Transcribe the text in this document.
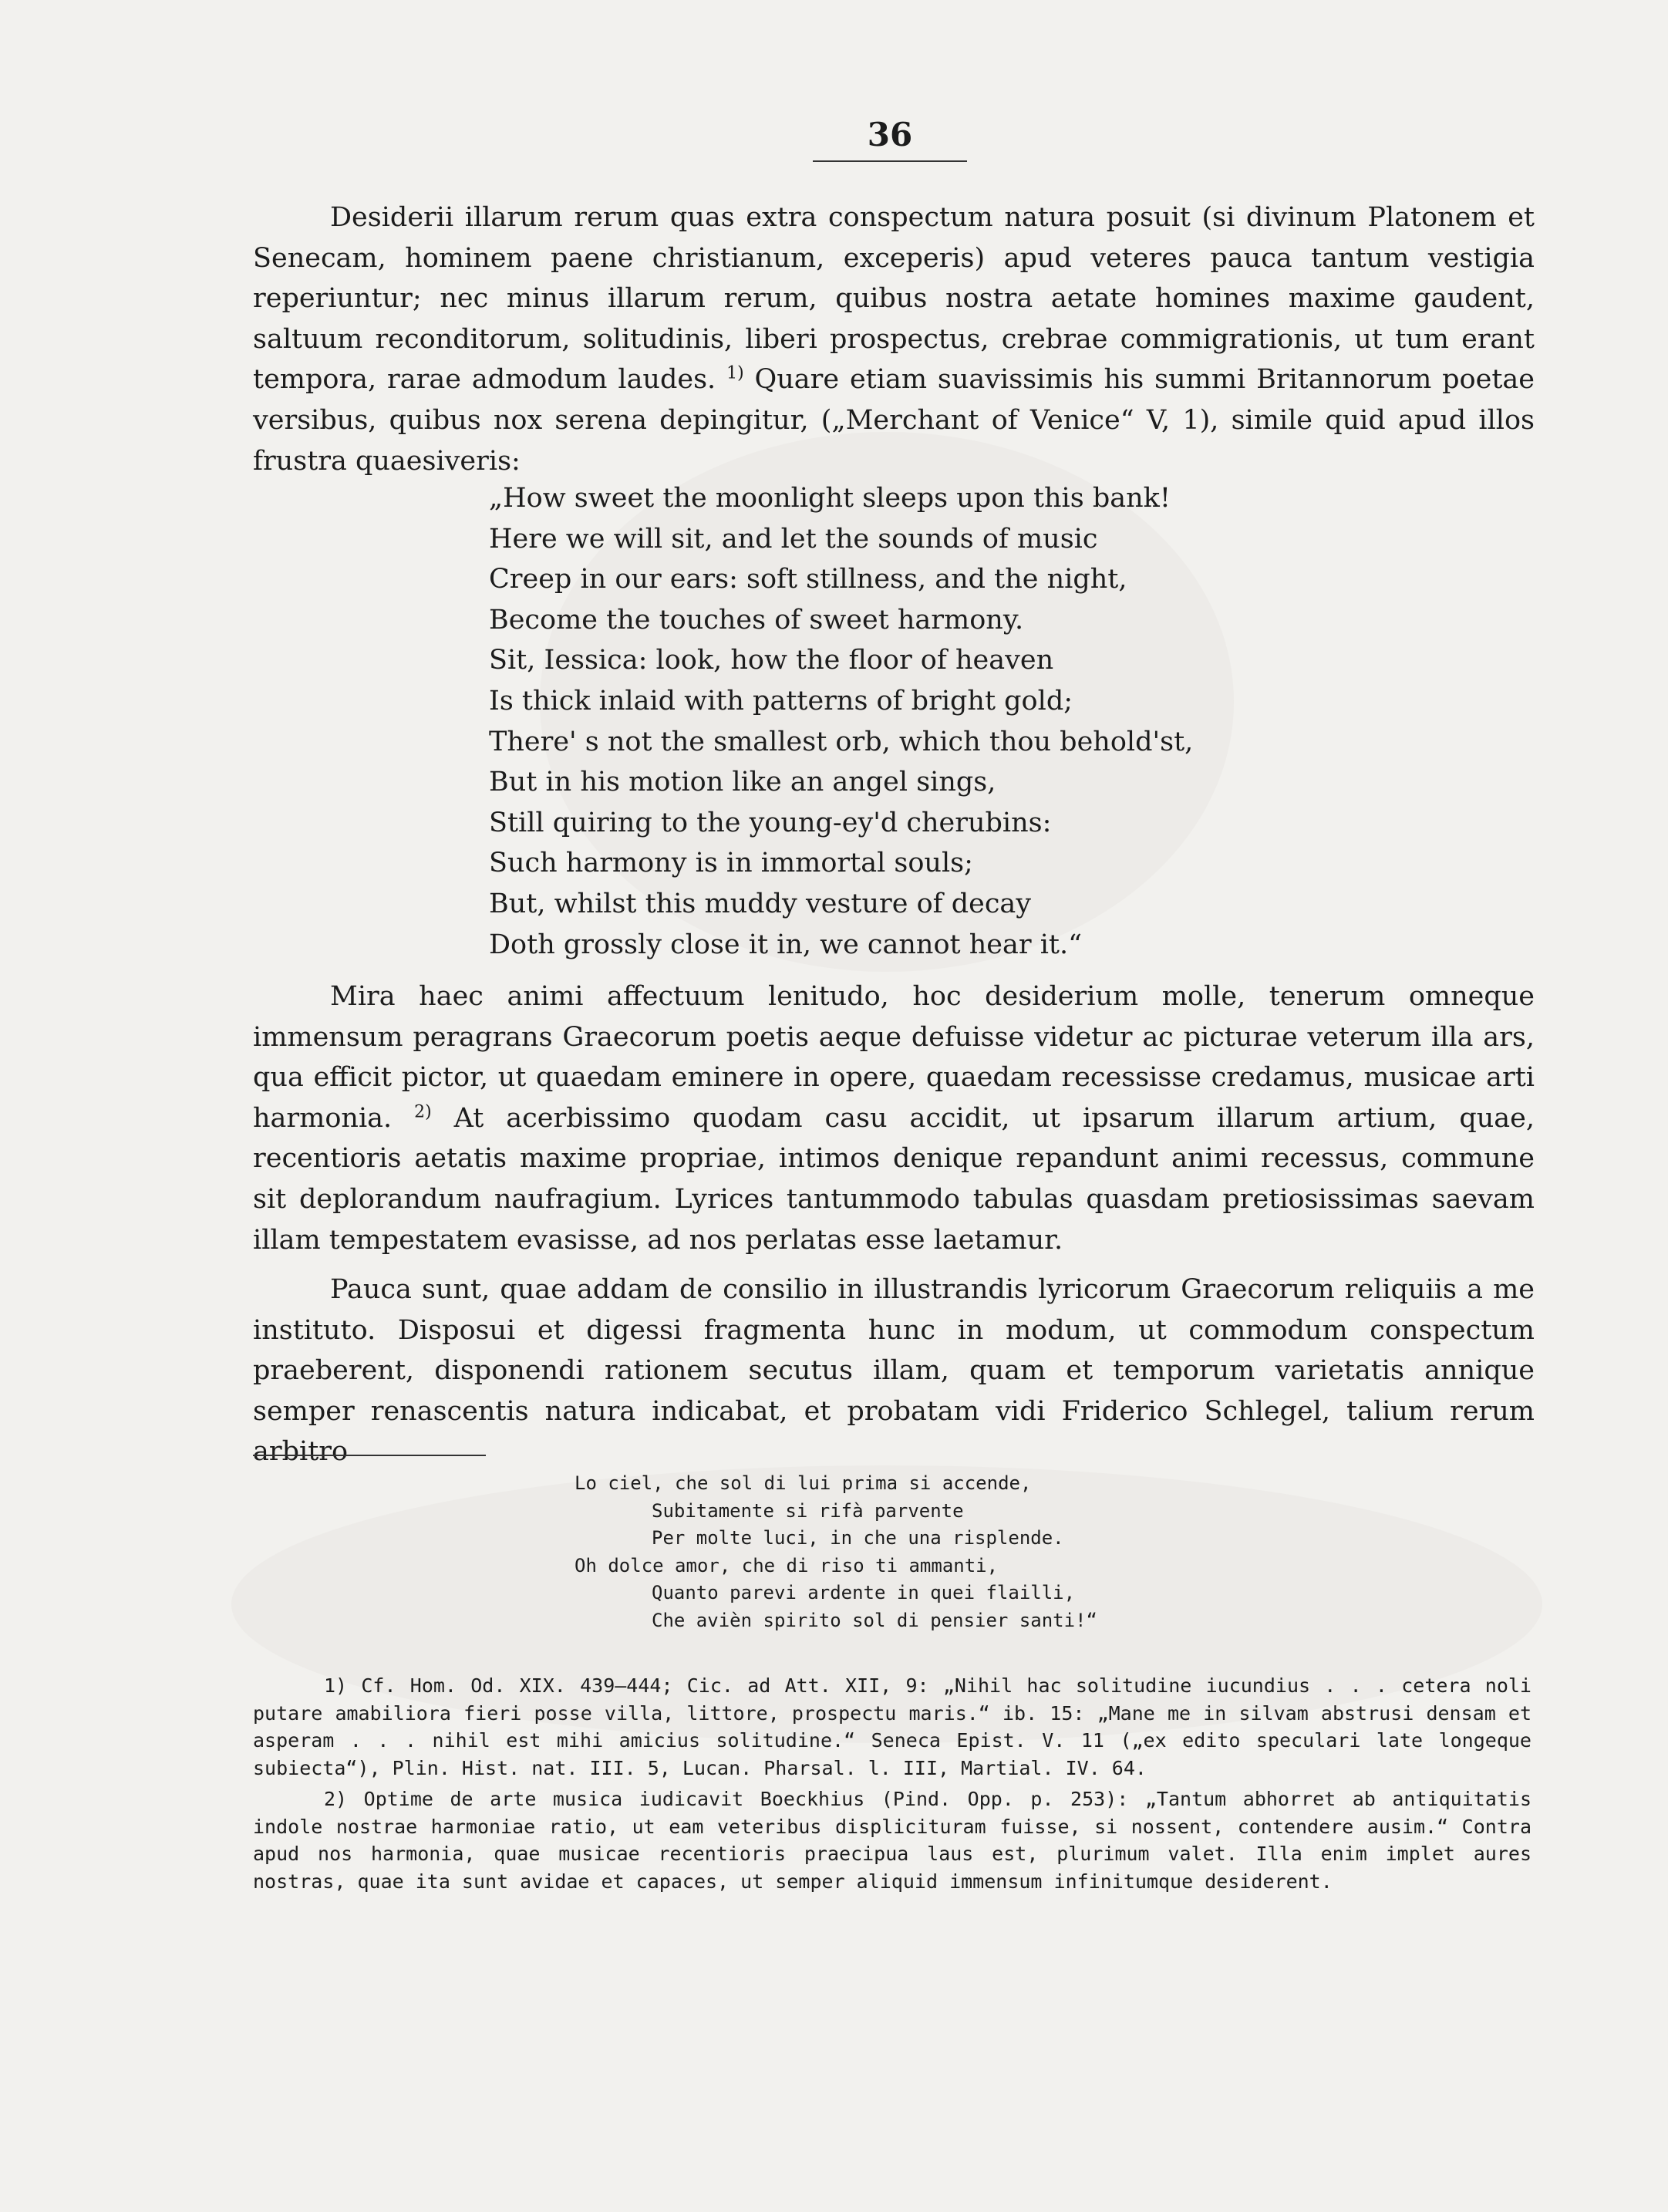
36

Desiderii illarum rerum quas extra conspectum natura posuit (si divinum Platonem et Senecam, hominem paene christianum, exceperis) apud veteres pauca tantum vestigia reperiuntur; nec minus illarum rerum, quibus nostra aetate homines maxime gaudent, saltuum reconditorum, solitudinis, liberi prospectus, crebrae commigrationis, ut tum erant tempora, rarae admodum laudes. $^{1)}$ Quare etiam suavissimis his summi Britannorum poetae versibus, quibus nox serena depingitur, („Merchant of Venice“ V, 1), simile quid apud illos frustra quaesiveris:

„How sweet the moonlight sleeps upon this bank!
Here we will sit, and let the sounds of music
Creep in our ears: soft stillness, and the night,
Become the touches of sweet harmony.
Sit, Iessica: look, how the floor of heaven
Is thick inlaid with patterns of bright gold;
There' s not the smallest orb, which thou behold'st,
But in his motion like an angel sings,
Still quiring to the young-ey'd cherubins:
Such harmony is in immortal souls;
But, whilst this muddy vesture of decay
Doth grossly close it in, we cannot hear it.“

Mira haec animi affectuum lenitudo, hoc desiderium molle, tenerum omneque immensum peragrans Graecorum poetis aeque defuisse videtur ac picturae veterum illa ars, qua efficit pictor, ut quaedam eminere in opere, quaedam recessisse credamus, musicae arti harmonia. $^{2)}$ At acerbissimo quodam casu accidit, ut ipsarum illarum artium, quae, recentioris aetatis maxime propriae, intimos denique repandunt animi recessus, commune sit deplorandum naufragium. Lyrices tantummodo tabulas quasdam pretiosissimas saevam illam tempestatem evasisse, ad nos perlatas esse laetamur.

Pauca sunt, quae addam de consilio in illustrandis lyricorum Graecorum reliquiis a me instituto. Disposui et digessi fragmenta hunc in modum, ut commodum conspectum praeberent, disponendi rationem secutus illam, quam et temporum varietatis annique semper renascentis natura indicabat, et probatam vidi Friderico Schlegel, talium rerum arbitro

Lo ciel, che sol di lui prima si accende,
Subitamente si rifà parvente
Per molte luci, in che una risplende.
Oh dolce amor, che di riso ti ammanti,
Quanto parevi ardente in quei flailli,
Che avièn spirito sol di pensier santi!“

1) Cf. Hom. Od. XIX. 439—444; Cic. ad Att. XII, 9: „Nihil hac solitudine iucundius . . . cetera noli putare amabiliora fieri posse villa, littore, prospectu maris.“ ib. 15: „Mane me in silvam abstrusi densam et asperam . . . nihil est mihi amicius solitudine.“ Seneca Epist. V. 11 („ex edito speculari late longeque subiecta“), Plin. Hist. nat. III. 5, Lucan. Pharsal. l. III, Martial. IV. 64.

2) Optime de arte musica iudicavit Boeckhius (Pind. Opp. p. 253): „Tantum abhorret ab antiquitatis indole nostrae harmoniae ratio, ut eam veteribus displicituram fuisse, si nossent, contendere ausim.“ Contra apud nos harmonia, quae musicae recentioris praecipua laus est, plurimum valet. Illa enim implet aures nostras, quae ita sunt avidae et capaces, ut semper aliquid immensum infinitumque desiderent.
